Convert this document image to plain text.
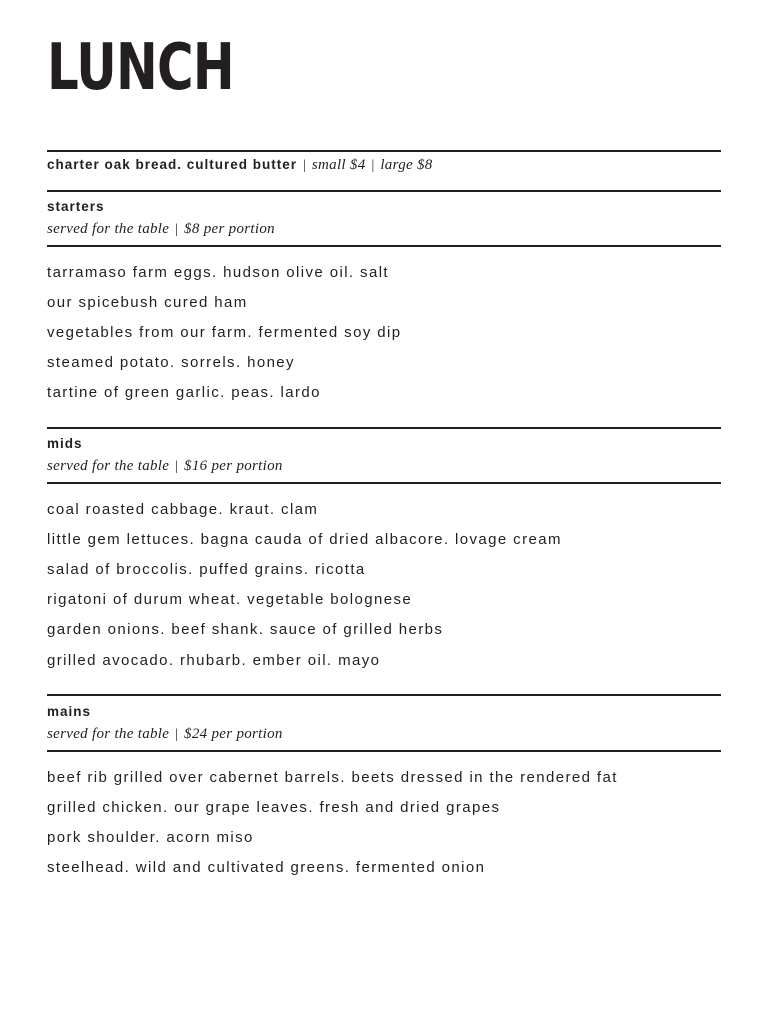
LUNCH
charter oak bread. cultured butter | small $4 | large $8
starters
served for the table | $8 per portion
tarramaso farm eggs. hudson olive oil. salt
our spicebush cured ham
vegetables from our farm. fermented soy dip
steamed potato. sorrels. honey
tartine of green garlic. peas. lardo
mids
served for the table | $16 per portion
coal roasted cabbage. kraut. clam
little gem lettuces. bagna cauda of dried albacore. lovage cream
salad of broccolis. puffed grains. ricotta
rigatoni of durum wheat. vegetable bolognese
garden onions. beef shank. sauce of grilled herbs
grilled avocado. rhubarb. ember oil. mayo
mains
served for the table | $24 per portion
beef rib grilled over cabernet barrels. beets dressed in the rendered fat
grilled chicken. our grape leaves. fresh and dried grapes
pork shoulder. acorn miso
steelhead. wild and cultivated greens. fermented onion
